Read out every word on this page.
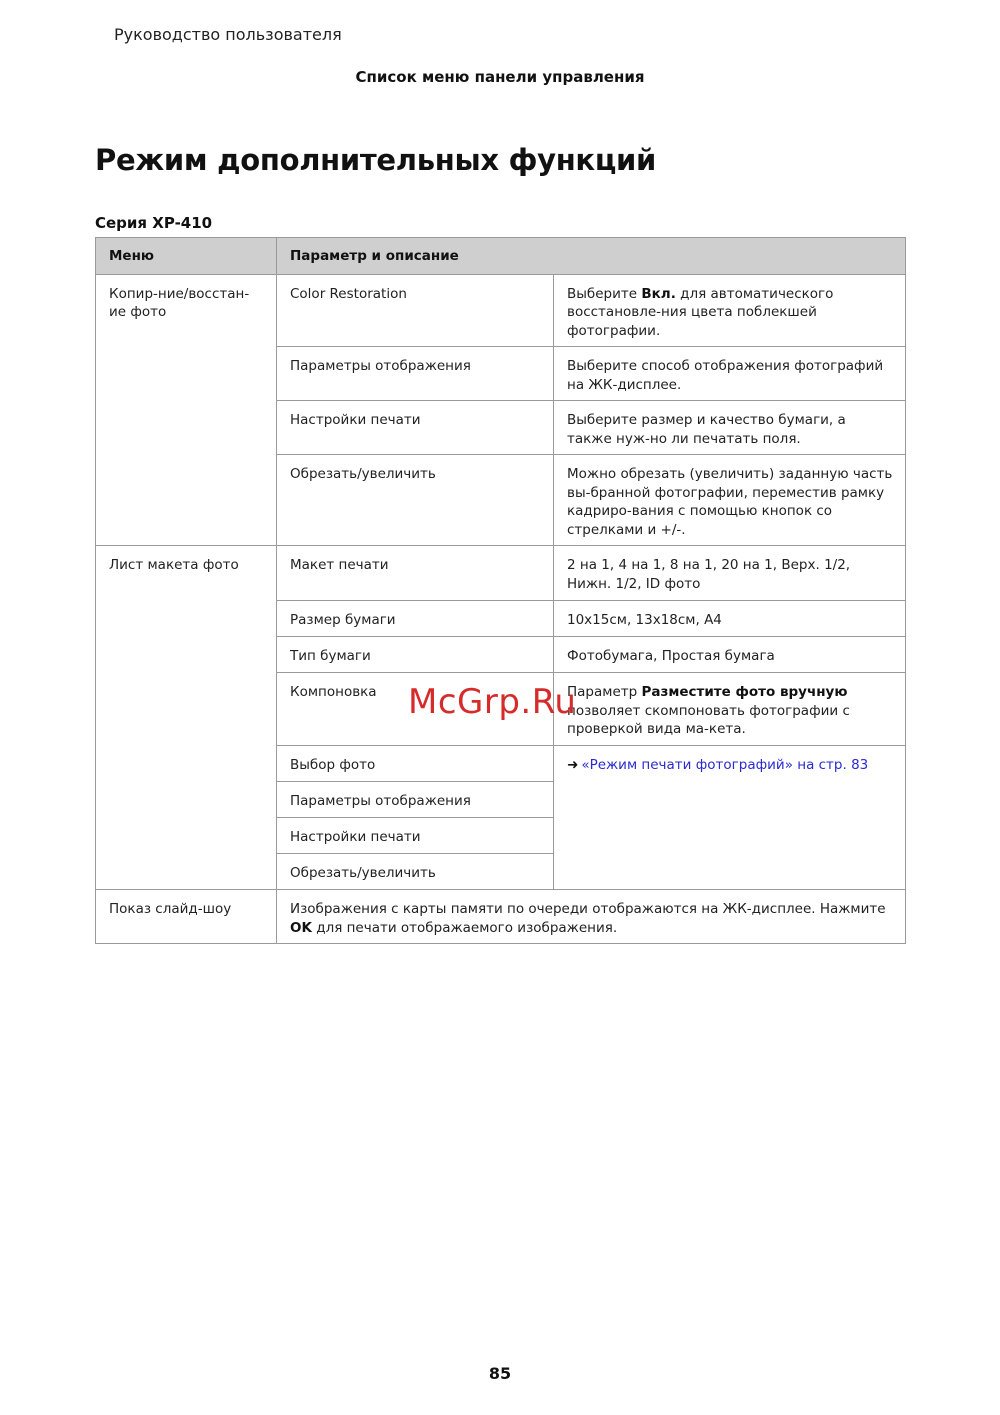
Руководство пользователя
Список меню панели управления
Режим дополнительных функций
Серия XP-410
Меню	Параметр и описание	
Копир-ние/восстан-ие фото	Color Restoration	Выберите Вкл. для автоматического восстановле-ния цвета поблекшей фотографии.
	Параметры отображения	Выберите способ отображения фотографий на ЖК-дисплее.
	Настройки печати	Выберите размер и качество бумаги, а также нуж-но ли печатать поля.
	Обрезать/увеличить	Можно обрезать (увеличить) заданную часть вы-бранной фотографии, переместив рамку кадриро-вания с помощью кнопок со стрелками и +/-.
Лист макета фото	Макет печати	2 на 1, 4 на 1, 8 на 1, 20 на 1, Верх. 1/2, Нижн. 1/2, ID фото
	Размер бумаги	10x15см, 13x18см, A4
	Тип бумаги	Фотобумага, Простая бумага
	Компоновка	Параметр Разместите фото вручную позволяет скомпоновать фотографии с проверкой вида ма-кета.
	Выбор фото	➜ «Режим печати фотографий» на стр. 83
	Параметры отображения	
	Настройки печати	
	Обрезать/увеличить	
Показ слайд-шоу	Изображения с карты памяти по очереди отображаются на ЖК-дисплее. Нажмите OK для печати отображаемого изображения.	
McGrp.Ru
85
